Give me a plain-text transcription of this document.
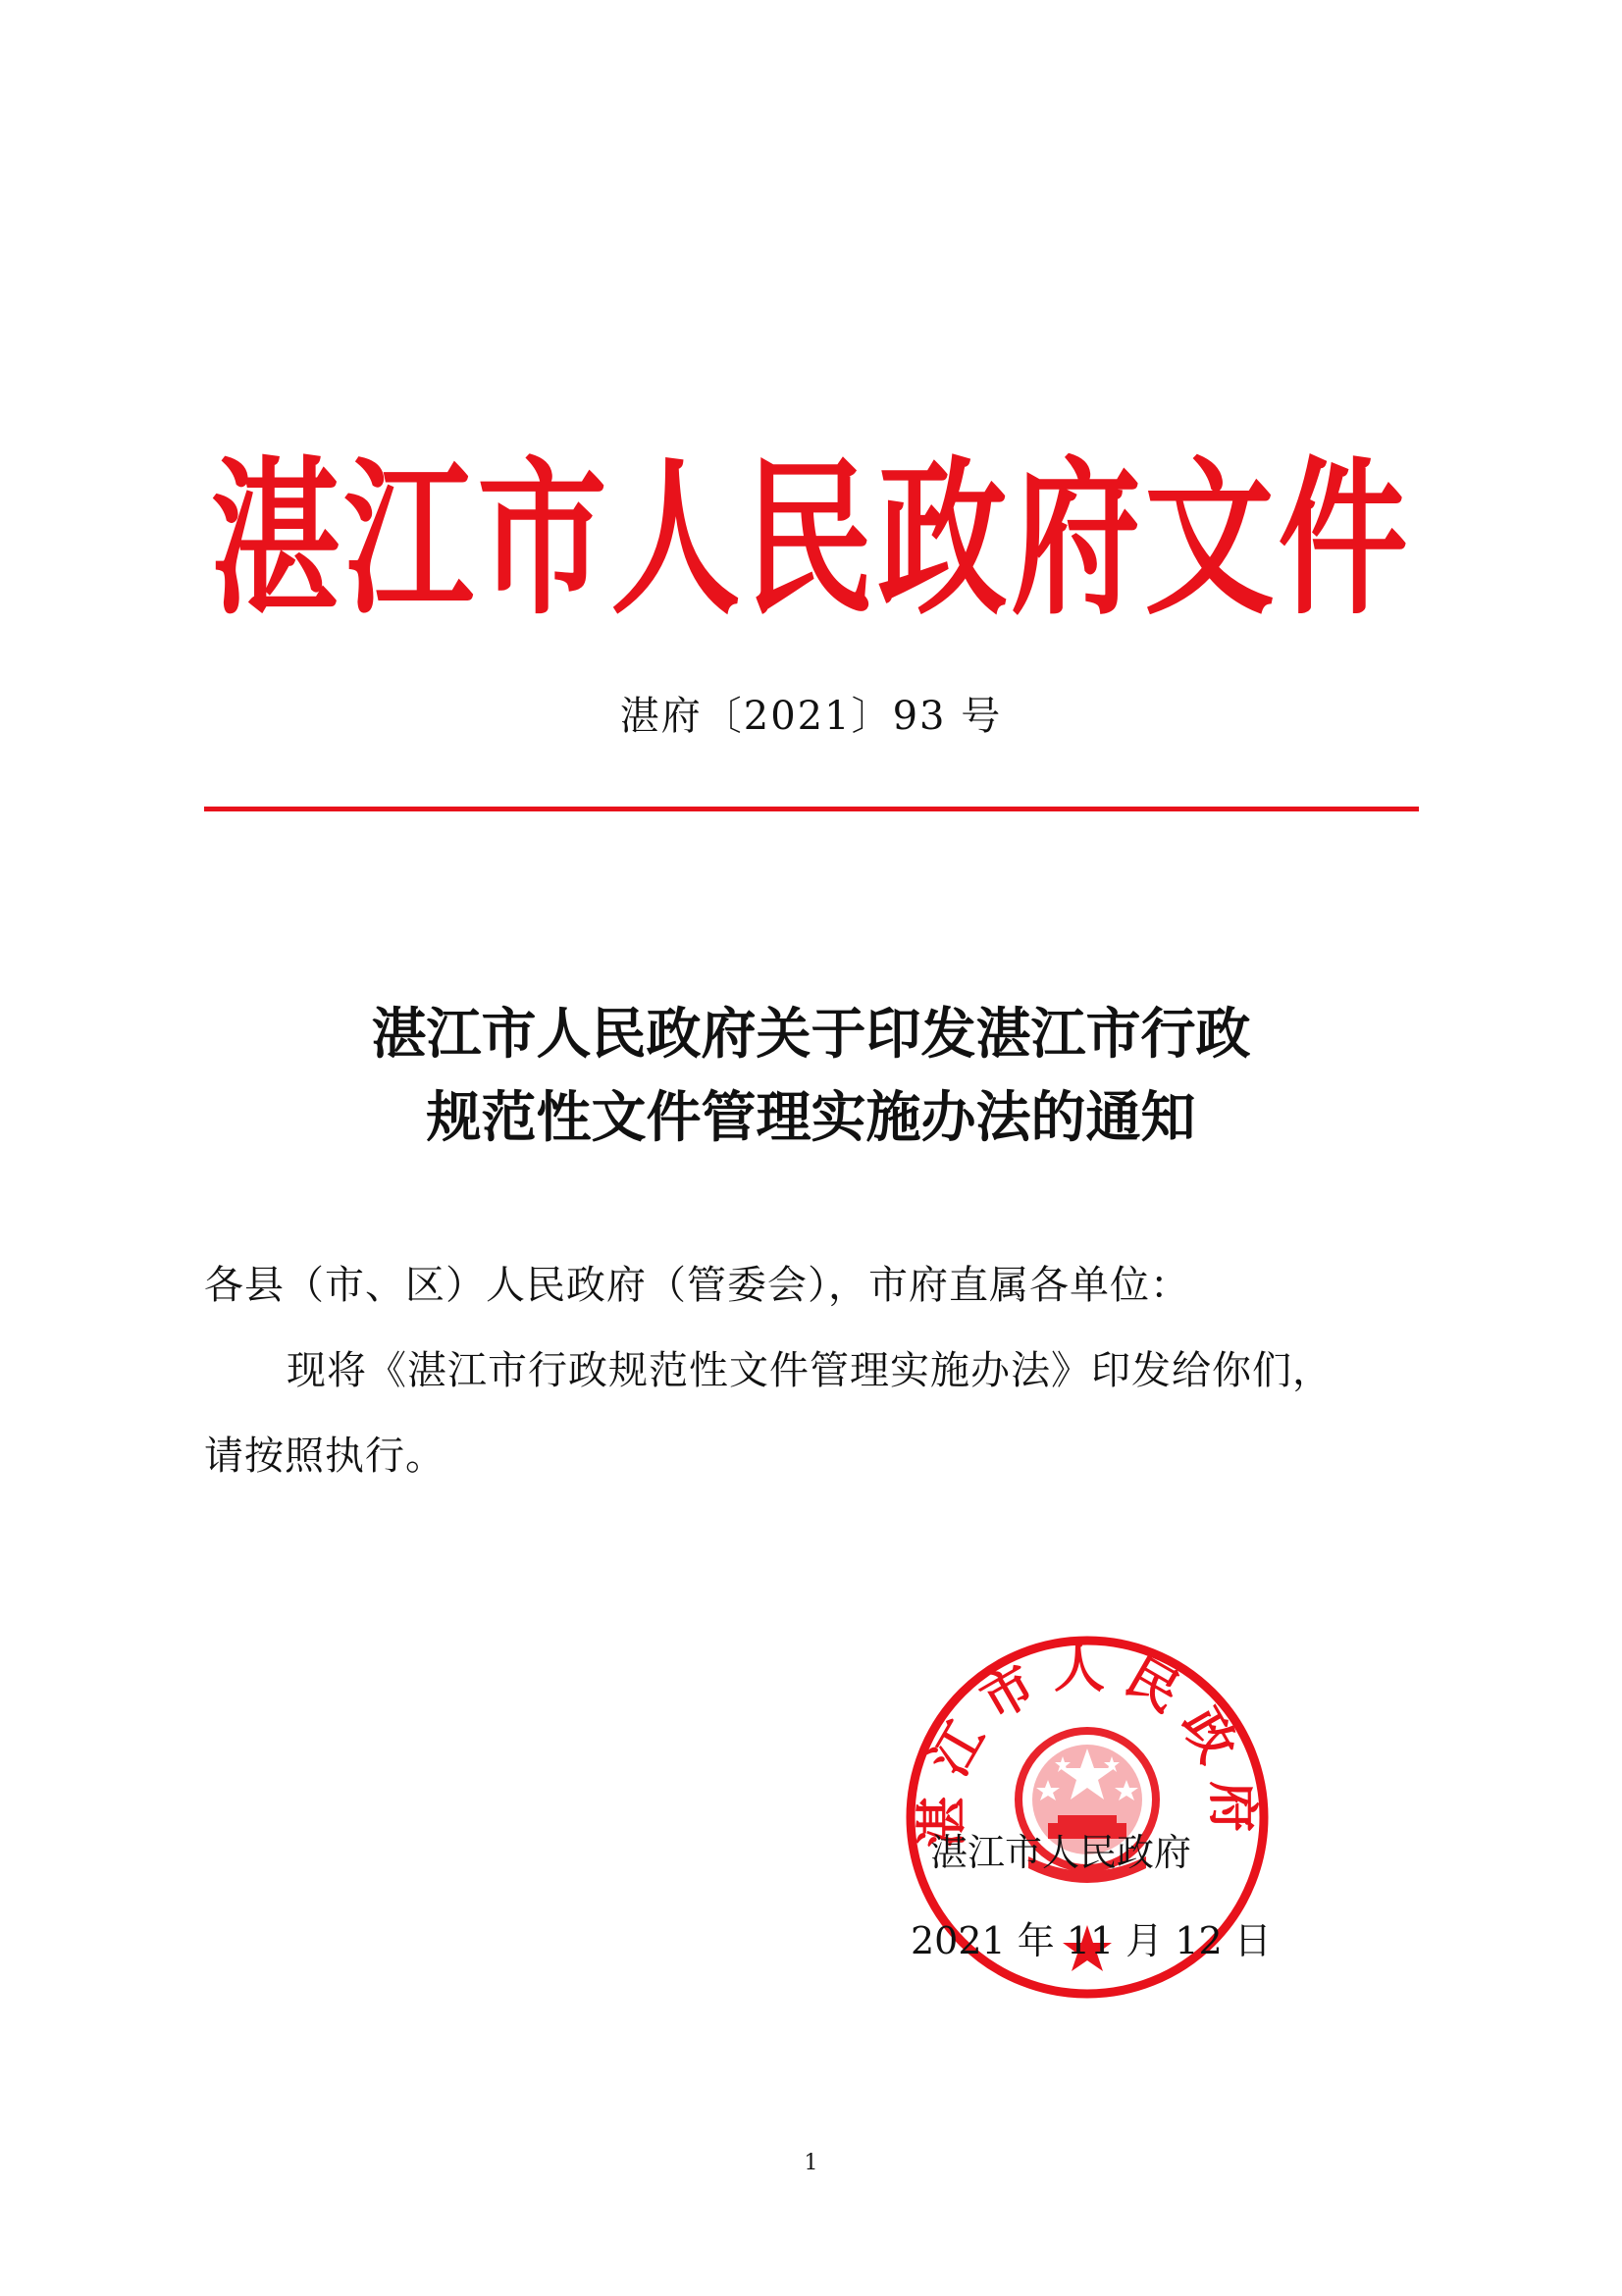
湛江市人民政府文件
湛府〔2021〕93 号
湛江市人民政府关于印发湛江市行政
规范性文件管理实施办法的通知
各县（市、区）人民政府（管委会），市府直属各单位：
现将《湛江市行政规范性文件管理实施办法》印发给你们，
请按照执行。
湛江市人民政府
湛江市人民政府
2021 年 11 月 12 日
1
